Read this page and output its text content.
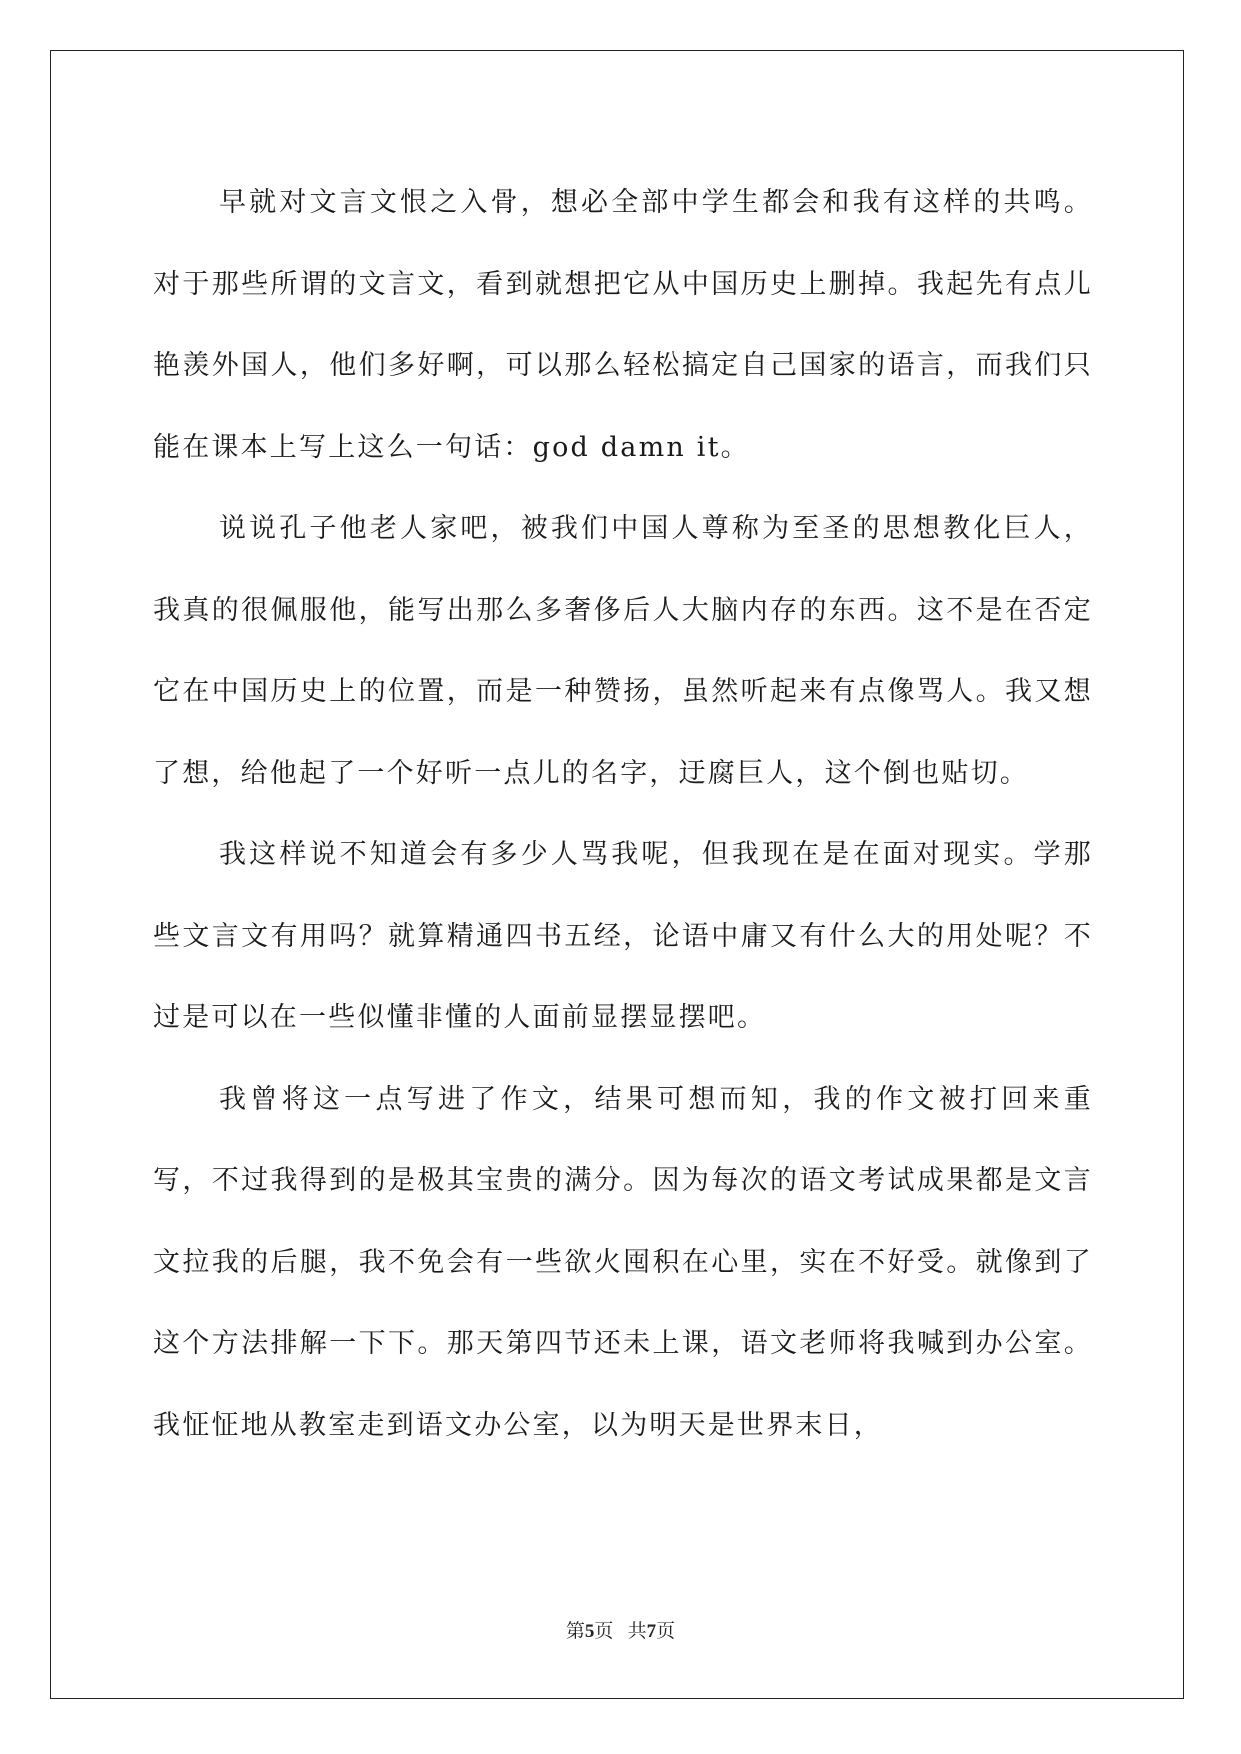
早就对文言文恨之入骨，想必全部中学生都会和我有这样的共鸣。对于那些所谓的文言文，看到就想把它从中国历史上删掉。我起先有点儿艳羡外国人，他们多好啊，可以那么轻松搞定自己国家的语言，而我们只能在课本上写上这么一句话：god damn it。

说说孔子他老人家吧，被我们中国人尊称为至圣的思想教化巨人，我真的很佩服他，能写出那么多奢侈后人大脑内存的东西。这不是在否定它在中国历史上的位置，而是一种赞扬，虽然听起来有点像骂人。我又想了想，给他起了一个好听一点儿的名字，迂腐巨人，这个倒也贴切。

我这样说不知道会有多少人骂我呢，但我现在是在面对现实。学那些文言文有用吗？就算精通四书五经，论语中庸又有什么大的用处呢？不过是可以在一些似懂非懂的人面前显摆显摆吧。

我曾将这一点写进了作文，结果可想而知，我的作文被打回来重写，不过我得到的是极其宝贵的满分。因为每次的语文考试成果都是文言文拉我的后腿，我不免会有一些欲火囤积在心里，实在不好受。就像到了这个方法排解一下下。那天第四节还未上课，语文老师将我喊到办公室。我怔怔地从教室走到语文办公室，以为明天是世界末日，

第5页 共7页
